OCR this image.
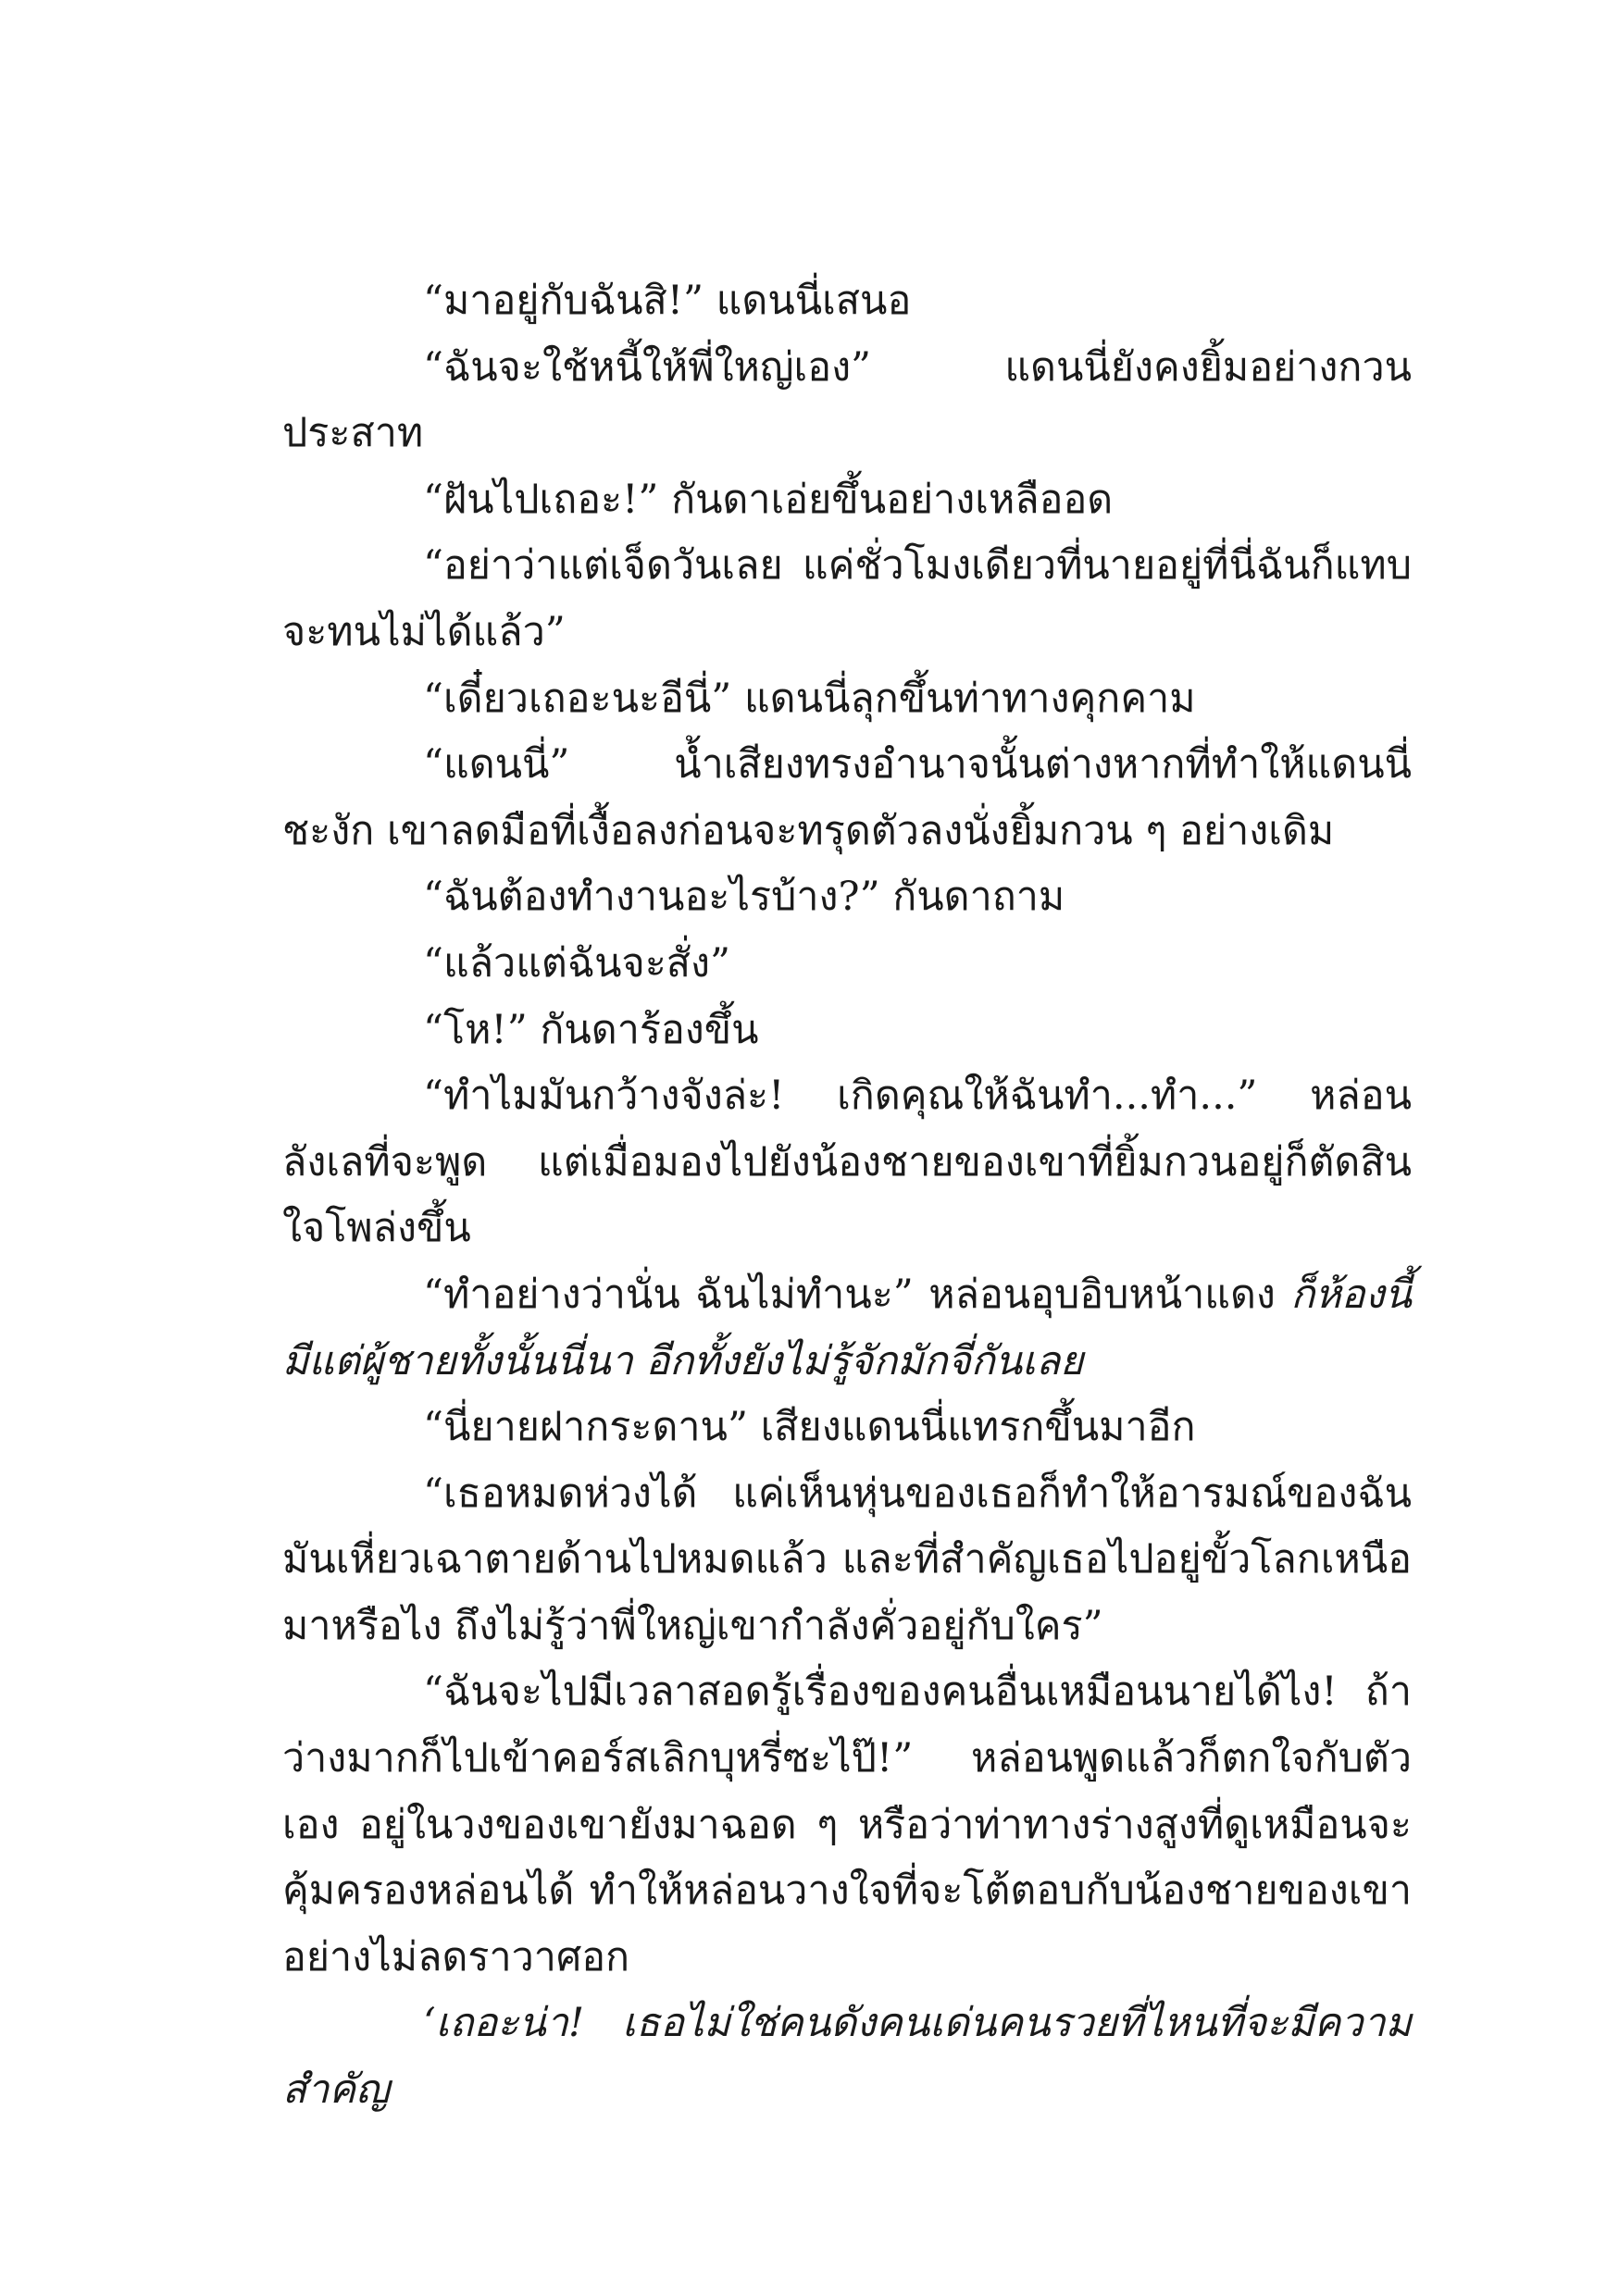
“มาอยู่กับฉันสิ!” แดนนี่เสนอ

“ฉันจะใช้หนี้ให้พี่ใหญ่เอง” แดนนี่ยังคงยิ้มอย่างกวนประสาท

“ฝันไปเถอะ!” กันดาเอ่ยขึ้นอย่างเหลืออด

“อย่าว่าแต่เจ็ดวันเลย แค่ชั่วโมงเดียวที่นายอยู่ที่นี่ฉันก็แทบจะทนไม่ได้แล้ว”

“เดี๋ยวเถอะนะอีนี่” แดนนี่ลุกขึ้นท่าทางคุกคาม

“แดนนี่” น้ำเสียงทรงอำนาจนั้นต่างหากที่ทำให้แดนนี่ชะงัก เขาลดมือที่เงื้อลงก่อนจะทรุดตัวลงนั่งยิ้มกวน ๆ อย่างเดิม

“ฉันต้องทำงานอะไรบ้าง?” กันดาถาม

“แล้วแต่ฉันจะสั่ง”

“โห!” กันดาร้องขึ้น

“ทำไมมันกว้างจังล่ะ! เกิดคุณให้ฉันทำ...ทำ...” หล่อนลังเลที่จะพูด แต่เมื่อมองไปยังน้องชายของเขาที่ยิ้มกวนอยู่ก็ตัดสินใจโพล่งขึ้น

“ทำอย่างว่านั่น ฉันไม่ทำนะ” หล่อนอุบอิบหน้าแดง ก็ห้องนี้มีแต่ผู้ชายทั้งนั้นนี่นา อีกทั้งยังไม่รู้จักมักจี่กันเลย

“นี่ยายฝากระดาน” เสียงแดนนี่แทรกขึ้นมาอีก

“เธอหมดห่วงได้ แค่เห็นหุ่นของเธอก็ทำให้อารมณ์ของฉันมันเหี่ยวเฉาตายด้านไปหมดแล้ว และที่สำคัญเธอไปอยู่ขั้วโลกเหนือมาหรือไง ถึงไม่รู้ว่าพี่ใหญ่เขากำลังคั่วอยู่กับใคร”

“ฉันจะไปมีเวลาสอดรู้เรื่องของคนอื่นเหมือนนายได้ไง! ถ้าว่างมากก็ไปเข้าคอร์สเลิกบุหรี่ซะไป๊!” หล่อนพูดแล้วก็ตกใจกับตัวเอง อยู่ในวงของเขายังมาฉอด ๆ หรือว่าท่าทางร่างสูงที่ดูเหมือนจะคุ้มครองหล่อนได้ ทำให้หล่อนวางใจที่จะโต้ตอบกับน้องชายของเขาอย่างไม่ลดราวาศอก

‘เถอะน่า! เธอไม่ใช่คนดังคนเด่นคนรวยที่ไหนที่จะมีความสำคัญ
